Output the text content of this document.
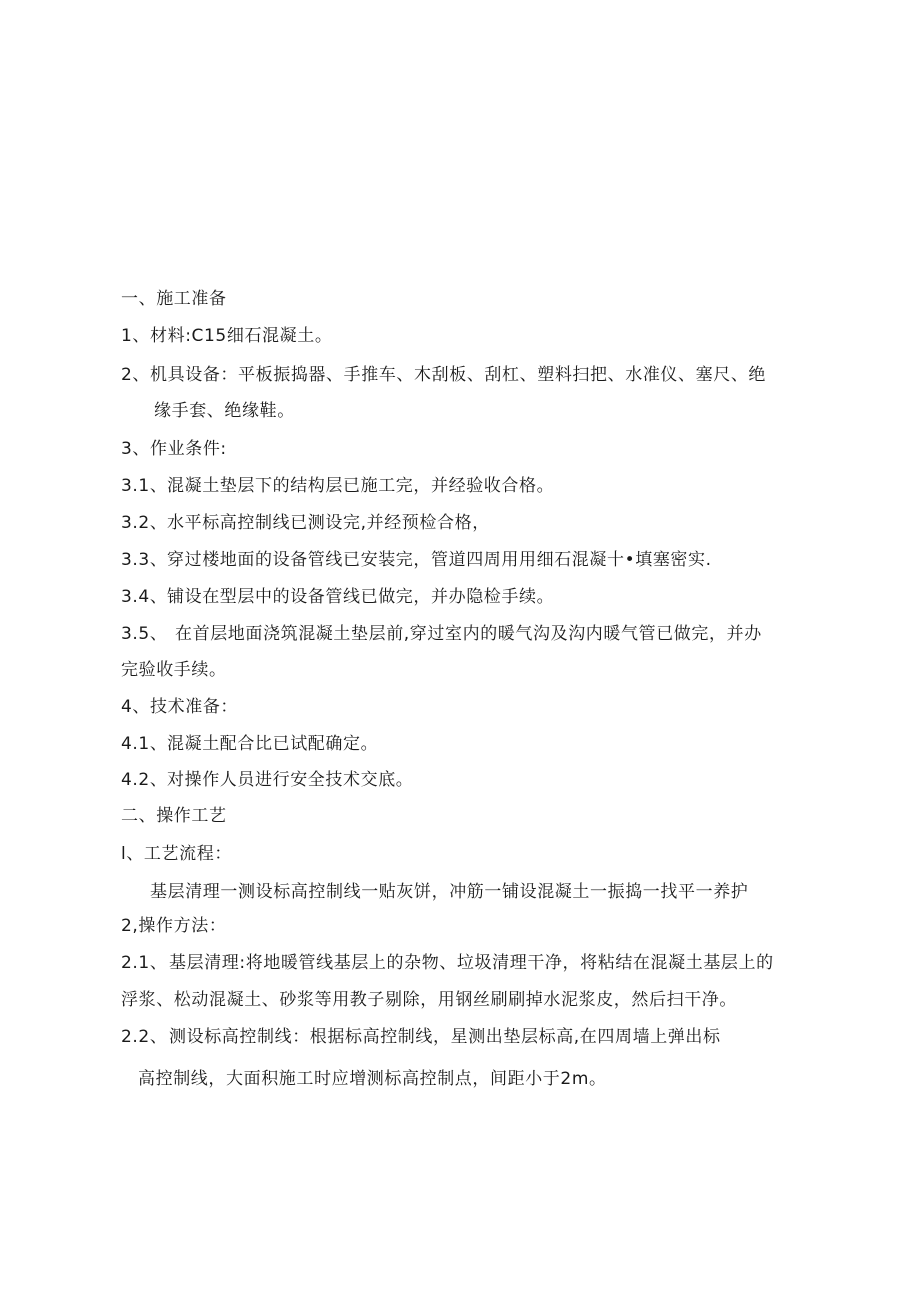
一、施工准备
1、材料:C15细石混凝土。
2、机具设备：平板振捣器、手推车、木刮板、刮杠、塑料扫把、水准仪、塞尺、绝
缘手套、绝缘鞋。
3、作业条件:
3.1、 混凝土垫层下的结构层已施工完，并经验收合格。
3.2、 水平标高控制线已测设完,并经预检合格，
3.3、 穿过楼地面的设备管线已安装完，管道四周用用细石混凝十•填塞密实.
3.4、 铺设在型层中的设备管线已做完，并办隐检手续。
3.5、 在首层地面浇筑混凝土垫层前,穿过室内的暖气沟及沟内暖气管已做完，并办
完验收手续。
4、技术准备：
4.1、 混凝土配合比已试配确定。
4.2、 对操作人员进行安全技术交底。
二、操作工艺
l、工艺流程：
基层清理一测设标高控制线一贴灰饼，冲筋一铺设混凝土一振捣一找平一养护
2,操作方法：
2.1、 基层清理:将地暖管线基层上的杂物、垃圾清理干净，将粘结在混凝土基层上的
浮浆、松动混凝土、砂浆等用教子剔除，用钢丝刷刷掉水泥浆皮，然后扫干净。
2.2、 测设标高控制线：根据标高控制线，星测出垫层标高,在四周墙上弹出标
高控制线，大面积施工时应增测标高控制点，间距小于2m。
